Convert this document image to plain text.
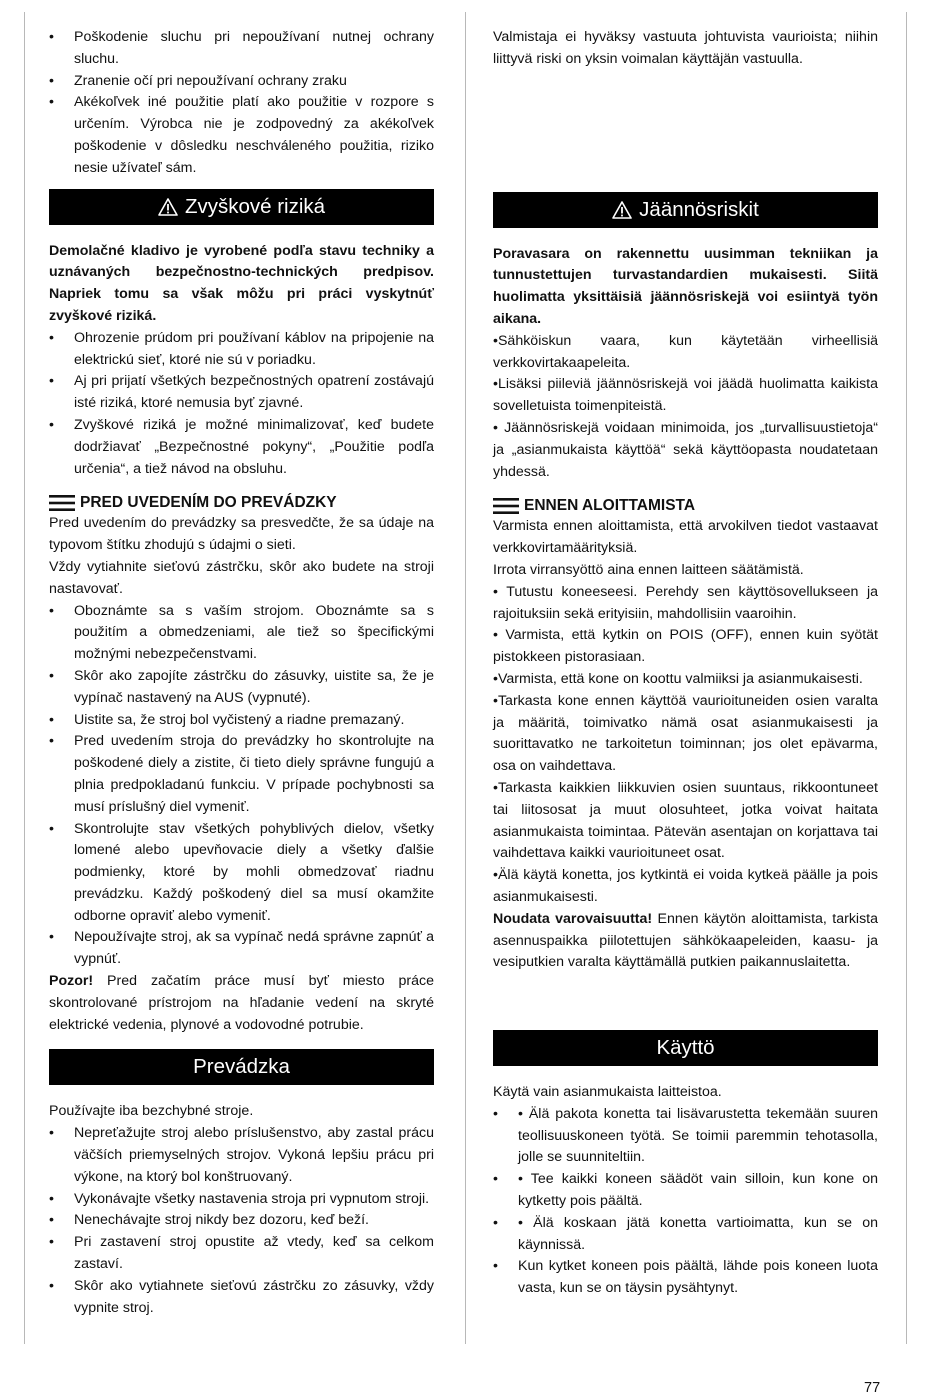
• Poškodenie sluchu pri nepoužívaní nutnej ochrany sluchu.
• Zranenie očí pri nepoužívaní ochrany zraku
• Akékoľvek iné použitie platí ako použitie v rozpore s určením. Výrobca nie je zodpovedný za akékoľvek poškodenie v dôsledku neschváleného použitia, riziko nesie užívateľ sám.
Zvyškové riziká

Demolačné kladivo je vyrobené podľa stavu techniky a uznávaných bezpečnostno-technických predpisov. Napriek tomu sa však môžu pri práci vyskytnúť zvyškové riziká.

• Ohrozenie prúdom pri používaní káblov na pripojenie na elektrickú sieť, ktoré nie sú v poriadku.
• Aj pri prijatí všetkých bezpečnostných opatrení zostávajú isté riziká, ktoré nemusia byť zjavné.
• Zvyškové riziká je možné minimalizovať, keď budete dodržiavať „Bezpečnostné pokyny“, „Použitie podľa určenia“, a tiež návod na obsluhu.
PRED UVEDENÍM DO PREVÁDZKY

Pred uvedením do prevádzky sa presvedčte, že sa údaje na typovom štítku zhodujú s údajmi o sieti.

Vždy vytiahnite sieťovú zástrčku, skôr ako budete na stroji nastavovať.

• Oboznámte sa s vaším strojom. Oboznámte sa s použitím a obmedzeniami, ale tiež so špecifickými možnými nebezpečenstvami.
• Skôr ako zapojíte zástrčku do zásuvky, uistite sa, že je vypínač nastavený na AUS (vypnuté).
• Uistite sa, že stroj bol vyčistený a riadne premazaný.
• Pred uvedením stroja do prevádzky ho skontrolujte na poškodené diely a zistite, či tieto diely správne fungujú a plnia predpokladanú funkciu. V prípade pochybnosti sa musí príslušný diel vymeniť.
• Skontrolujte stav všetkých pohyblivých dielov, všetky lomené alebo upevňovacie diely a všetky ďalšie podmienky, ktoré by mohli obmedzovať riadnu prevádzku. Každý poškodený diel sa musí okamžite odborne opraviť alebo vymeniť.
• Nepoužívajte stroj, ak sa vypínač nedá správne zapnúť a vypnúť.

Pozor! Pred začatím práce musí byť miesto práce skontrolované prístrojom na hľadanie vedení na skryté elektrické vedenia, plynové a vodovodné potrubie.

Prevádzka

Používajte iba bezchybné stroje.

• Nepreťažujte stroj alebo príslušenstvo, aby zastal prácu väčších priemyselných strojov. Vykoná lepšiu prácu pri výkone, na ktorý bol konštruovaný.
• Vykonávajte všetky nastavenia stroja pri vypnutom stroji.
• Nenechávajte stroj nikdy bez dozoru, keď beží.
• Pri zastavení stroj opustite až vtedy, keď sa celkom zastaví.
• Skôr ako vytiahnete sieťovú zástrčku zo zásuvky, vždy vypnite stroj.

Valmistaja ei hyväksy vastuuta johtuvista vaurioista; niihin liittyvä riski on yksin voimalan käyttäjän vastuulla.

Jäännösriskit

Poravasara on rakennettu uusimman tekniikan ja tunnustettujen turvastandardien mukaisesti. Siitä huolimatta yksittäisiä jäännösriskejä voi esiintyä työn aikana.

•Sähköiskun vaara, kun käytetään virheellisiä verkkovirtakaapeleita.

•Lisäksi piileviä jäännösriskejä voi jäädä huolimatta kaikista sovelletuista toimenpiteistä.

• Jäännösriskejä voidaan minimoida, jos „turvallisuustietoja“ ja „asianmukaista käyttöä“ sekä käyttöopasta noudatetaan yhdessä.

ENNEN ALOITTAMISTA

Varmista ennen aloittamista, että arvokilven tiedot vastaavat verkkovirtamäärityksiä.

Irrota virransyöttö aina ennen laitteen säätämistä.

• Tutustu koneeseesi. Perehdy sen käyttösovellukseen ja rajoituksiin sekä erityisiin, mahdollisiin vaaroihin.

• Varmista, että kytkin on POIS (OFF), ennen kuin syötät pistokkeen pistorasiaan.

•Varmista, että kone on koottu valmiiksi ja asianmukaisesti.

•Tarkasta kone ennen käyttöä vaurioituneiden osien varalta ja määritä, toimivatko nämä osat asianmukaisesti ja suorittavatko ne tarkoitetun toiminnan; jos olet epävarma, osa on vaihdettava.

•Tarkasta kaikkien liikkuvien osien suuntaus, rikkoontuneet tai liitososat ja muut olosuhteet, jotka voivat haitata asianmukaista toimintaa. Pätevän asentajan on korjattava tai vaihdettava kaikki vaurioituneet osat.

•Älä käytä konetta, jos kytkintä ei voida kytkeä päälle ja pois asianmukaisesti.

Noudata varovaisuutta! Ennen käytön aloittamista, tarkista asennuspaikka piilotettujen sähkökaapeleiden, kaasu- ja vesiputkien varalta käyttämällä putkien paikannuslaitetta.

Käyttö

Käytä vain asianmukaista laitteistoa.

• • Älä pakota konetta tai lisävarustetta tekemään suuren teollisuuskoneen työtä. Se toimii paremmin tehotasolla, jolle se suunniteltiin.
• • Tee kaikki koneen säädöt vain silloin, kun kone on kytketty pois päältä.
• • Älä koskaan jätä konetta vartioimatta, kun se on käynnissä.
• Kun kytket koneen pois päältä, lähde pois koneen luota vasta, kun se on täysin pysähtynyt.
77
